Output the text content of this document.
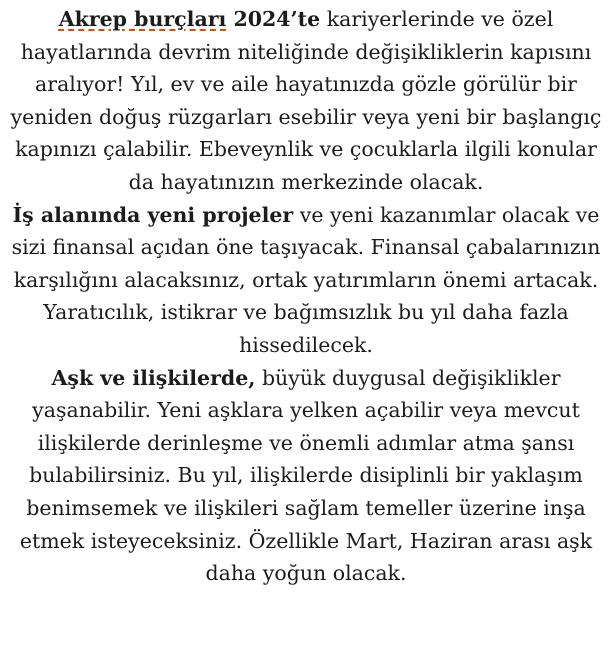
Akrep burçları 2024’te kariyerlerinde ve özel hayatlarında devrim niteliğinde değişikliklerin kapısını aralıyor! Yıl, ev ve aile hayatınızda gözle görülür bir yeniden doğuş rüzgarları esebilir veya yeni bir başlangıç kapınızı çalabilir. Ebeveynlik ve çocuklarla ilgili konular da hayatınızın merkezinde olacak.

İş alanında yeni projeler ve yeni kazanımlar olacak ve sizi finansal açıdan öne taşıyacak. Finansal çabalarınızın karşılığını alacaksınız, ortak yatırımların önemi artacak. Yaratıcılık, istikrar ve bağımsızlık bu yıl daha fazla hissedilecek.

Aşk ve ilişkilerde, büyük duygusal değişiklikler yaşanabilir. Yeni aşklara yelken açabilir veya mevcut ilişkilerde derinleşme ve önemli adımlar atma şansı bulabilirsiniz. Bu yıl, ilişkilerde disiplinli bir yaklaşım benimsemek ve ilişkileri sağlam temeller üzerine inşa etmek isteyeceksiniz. Özellikle Mart, Haziran arası aşk daha yoğun olacak.
